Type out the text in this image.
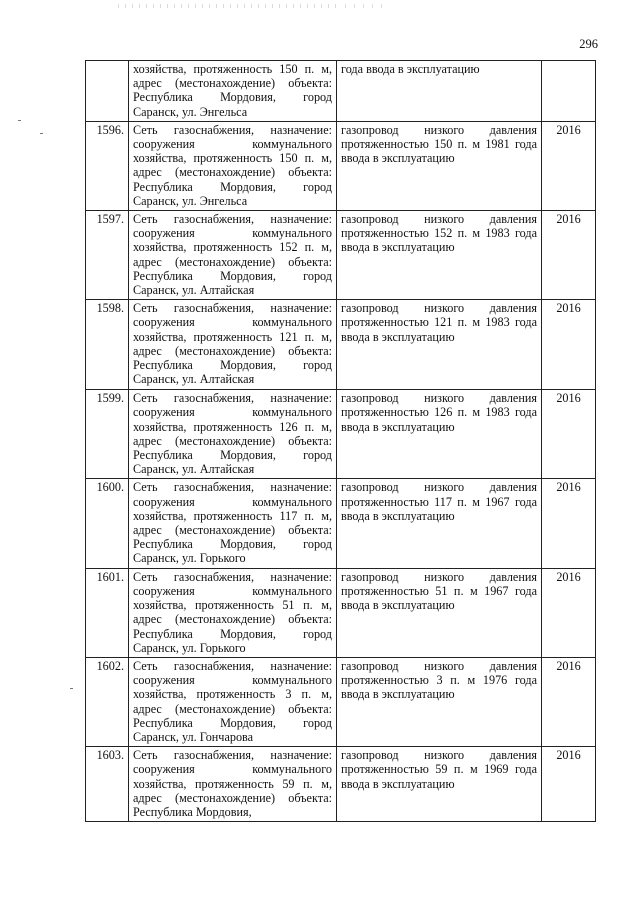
296
	хозяйства, протяженность 150 п. м, адрес (местонахождение) объекта: Республика Мордовия, город Саранск, ул. Энгельса	года ввода в эксплуатацию	
1596.	Сеть газоснабжения, назначение: сооружения коммунального хозяйства, протяженность 150 п. м, адрес (местонахождение) объекта: Республика Мордовия, город Саранск, ул. Энгельса	газопровод низкого давления протяженностью 150 п. м 1981 года ввода в эксплуатацию	2016
1597.	Сеть газоснабжения, назначение: сооружения коммунального хозяйства, протяженность 152 п. м, адрес (местонахождение) объекта: Республика Мордовия, город Саранск, ул. Алтайская	газопровод низкого давления протяженностью 152 п. м 1983 года ввода в эксплуатацию	2016
1598.	Сеть газоснабжения, назначение: сооружения коммунального хозяйства, протяженность 121 п. м, адрес (местонахождение) объекта: Республика Мордовия, город Саранск, ул. Алтайская	газопровод низкого давления протяженностью 121 п. м 1983 года ввода в эксплуатацию	2016
1599.	Сеть газоснабжения, назначение: сооружения коммунального хозяйства, протяженность 126 п. м, адрес (местонахождение) объекта: Республика Мордовия, город Саранск, ул. Алтайская	газопровод низкого давления протяженностью 126 п. м 1983 года ввода в эксплуатацию	2016
1600.	Сеть газоснабжения, назначение: сооружения коммунального хозяйства, протяженность 117 п. м, адрес (местонахождение) объекта: Республика Мордовия, город Саранск, ул. Горького	газопровод низкого давления протяженностью 117 п. м 1967 года ввода в эксплуатацию	2016
1601.	Сеть газоснабжения, назначение: сооружения коммунального хозяйства, протяженность 51 п. м, адрес (местонахождение) объекта: Республика Мордовия, город Саранск, ул. Горького	газопровод низкого давления протяженностью 51 п. м 1967 года ввода в эксплуатацию	2016
1602.	Сеть газоснабжения, назначение: сооружения коммунального хозяйства, протяженность 3 п. м, адрес (местонахождение) объекта: Республика Мордовия, город Саранск, ул. Гончарова	газопровод низкого давления протяженностью 3 п. м 1976 года ввода в эксплуатацию	2016
1603.	Сеть газоснабжения, назначение: сооружения коммунального хозяйства, протяженность 59 п. м, адрес (местонахождение) объекта: Республика Мордовия,	газопровод низкого давления протяженностью 59 п. м 1969 года ввода в эксплуатацию	2016
